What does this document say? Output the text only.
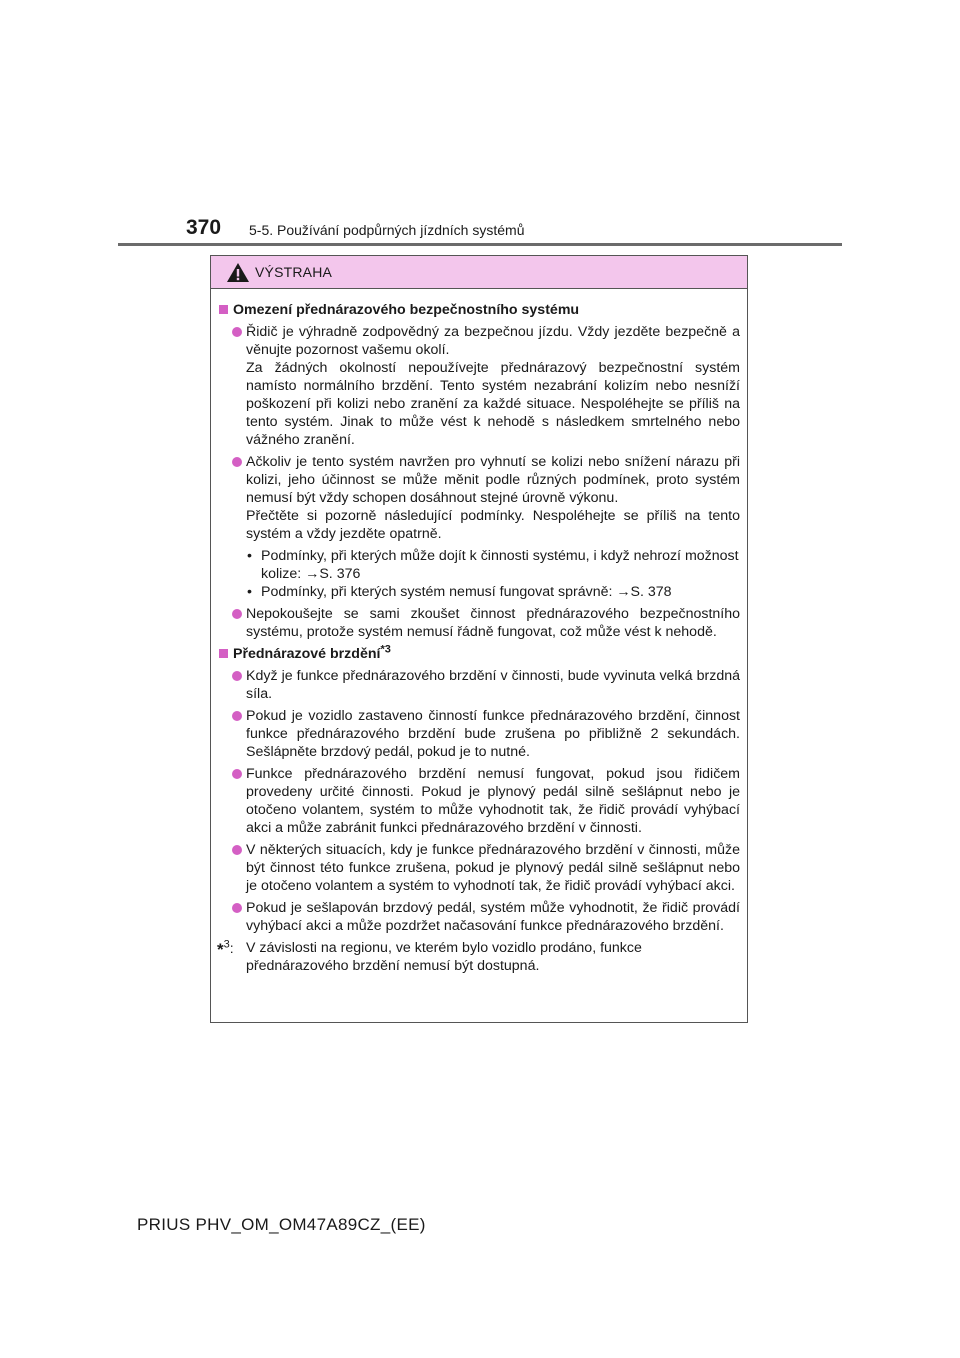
370 5-5. Používání podpůrných jízdních systémů
VÝSTRAHA
Omezení přednárazového bezpečnostního systému
Řidič je výhradně zodpovědný za bezpečnou jízdu. Vždy jezděte bezpečně a věnujte pozornost vašemu okolí.
Za žádných okolností nepoužívejte přednárazový bezpečnostní systém namísto normálního brzdění. Tento systém nezabrání kolizím nebo nesníží poškození při kolizi nebo zranění za každé situace. Nespoléhejte se příliš na tento systém. Jinak to může vést k nehodě s následkem smrtelného nebo vážného zranění.
Ačkoliv je tento systém navržen pro vyhnutí se kolizi nebo snížení nárazu při kolizi, jeho účinnost se může měnit podle různých podmínek, proto systém nemusí být vždy schopen dosáhnout stejné úrovně výkonu.
Přečtěte si pozorně následující podmínky. Nespoléhejte se příliš na tento systém a vždy jezděte opatrně.
• Podmínky, při kterých může dojít k činnosti systému, i když nehrozí možnost kolize: →S. 376
• Podmínky, při kterých systém nemusí fungovat správně: →S. 378
Nepokoušejte se sami zkoušet činnost přednárazového bezpečnostního systému, protože systém nemusí řádně fungovat, což může vést k nehodě.
Přednárazové brzdění$^{*3}$
Když je funkce přednárazového brzdění v činnosti, bude vyvinuta velká brzdná síla.
Pokud je vozidlo zastaveno činností funkce přednárazového brzdění, činnost funkce přednárazového brzdění bude zrušena po přibližně 2 sekundách. Sešlápněte brzdový pedál, pokud je to nutné.
Funkce přednárazového brzdění nemusí fungovat, pokud jsou řidičem provedeny určité činnosti. Pokud je plynový pedál silně sešlápnut nebo je otočeno volantem, systém to může vyhodnotit tak, že řidič provádí vyhýbací akci a může zabránit funkci přednárazového brzdění v činnosti.
V některých situacích, kdy je funkce přednárazového brzdění v činnosti, může být činnost této funkce zrušena, pokud je plynový pedál silně sešlápnut nebo je otočeno volantem a systém to vyhodnotí tak, že řidič provádí vyhýbací akci.
Pokud je sešlapován brzdový pedál, systém může vyhodnotit, že řidič provádí vyhýbací akci a může pozdržet načasování funkce přednárazového brzdění.
*$^3$: V závislosti na regionu, ve kterém bylo vozidlo prodáno, funkce přednárazového brzdění nemusí být dostupná.
PRIUS PHV_OM_OM47A89CZ_(EE)
